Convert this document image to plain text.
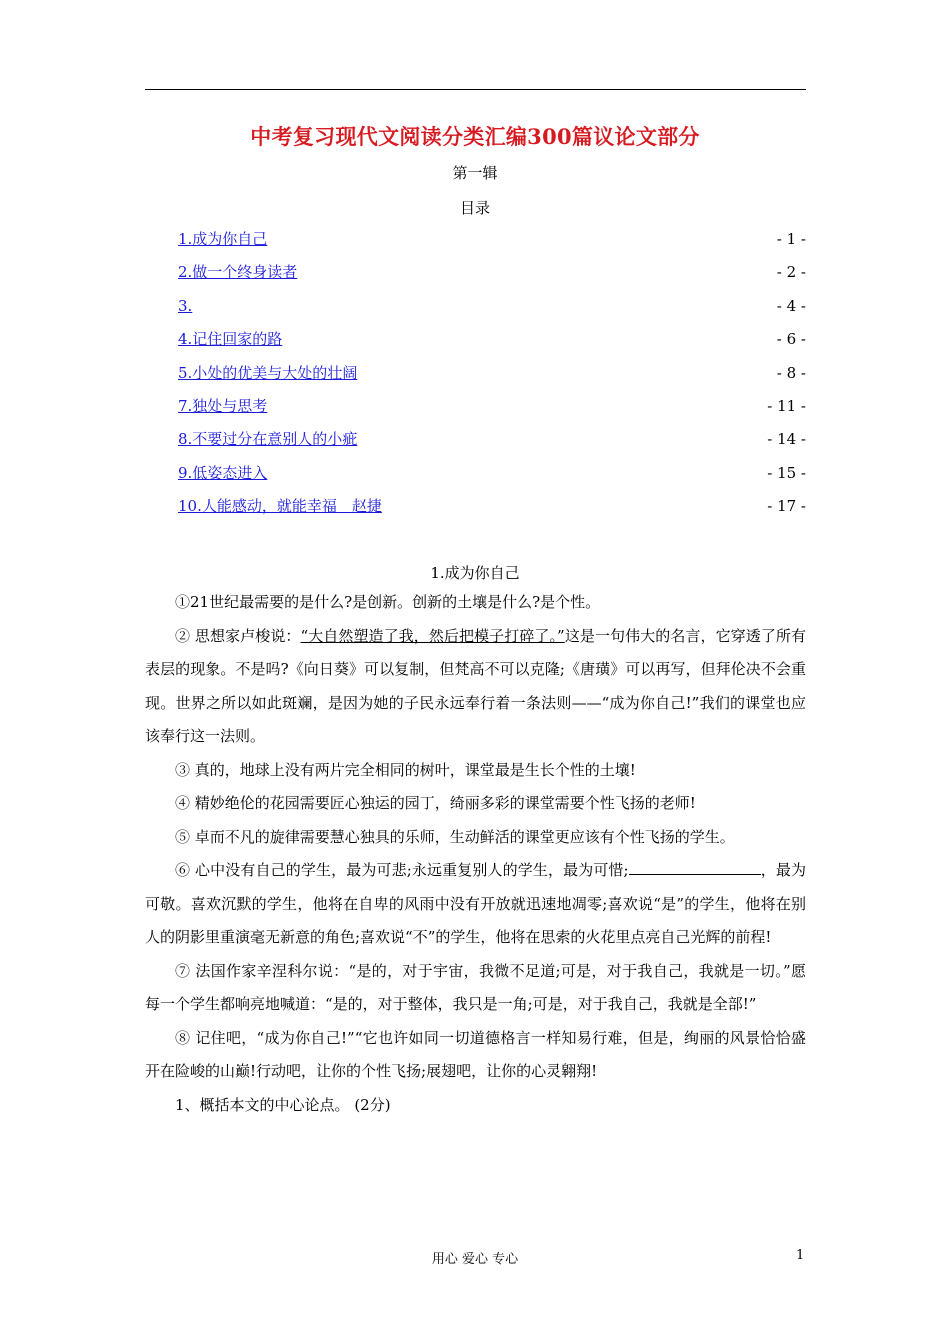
中考复习现代文阅读分类汇编300篇议论文部分
第一辑
目录
1.成为你自己	- 1 -
2.做一个终身读者	- 2 -
3.	- 4 -
4.记住回家的路	- 6 -
5.小处的优美与大处的壮阔	- 8 -
7.独处与思考	- 11 -
8.不要过分在意别人的小疵	- 14 -
9.低姿态进入	- 15 -
10.人能感动，就能幸福　赵捷	- 17 -
1.成为你自己

①21世纪最需要的是什么?是创新。创新的土壤是什么?是个性。

② 思想家卢梭说：“大自然塑造了我，然后把模子打碎了。”这是一句伟大的名言，它穿透了所有表层的现象。不是吗?《向日葵》可以复制，但梵高不可以克隆;《唐璜》可以再写，但拜伦决不会重现。世界之所以如此斑斓，是因为她的子民永远奉行着一条法则——“成为你自己!”我们的课堂也应该奉行这一法则。

③ 真的，地球上没有两片完全相同的树叶，课堂最是生长个性的土壤!

④ 精妙绝伦的花园需要匠心独运的园丁，绮丽多彩的课堂需要个性飞扬的老师!

⑤ 卓而不凡的旋律需要慧心独具的乐师，生动鲜活的课堂更应该有个性飞扬的学生。

⑥ 心中没有自己的学生，最为可悲;永远重复别人的学生，最为可惜;	，最为可敬。喜欢沉默的学生，他将在自卑的风雨中没有开放就迅速地凋零;喜欢说“是”的学生，他将在别人的阴影里重演毫无新意的角色;喜欢说“不”的学生，他将在思索的火花里点亮自己光辉的前程!

⑦ 法国作家辛涅科尔说：“是的，对于宇宙，我微不足道;可是，对于我自己，我就是一切。”愿每一个学生都响亮地喊道：“是的，对于整体，我只是一角;可是，对于我自己，我就是全部!”

⑧ 记住吧，“成为你自己!”“它也许如同一切道德格言一样知易行难，但是，绚丽的风景恰恰盛开在险峻的山巅!行动吧，让你的个性飞扬;展翅吧，让你的心灵翱翔!

1、概括本文的中心论点。 (2分)

用心 爱心 专心	1
